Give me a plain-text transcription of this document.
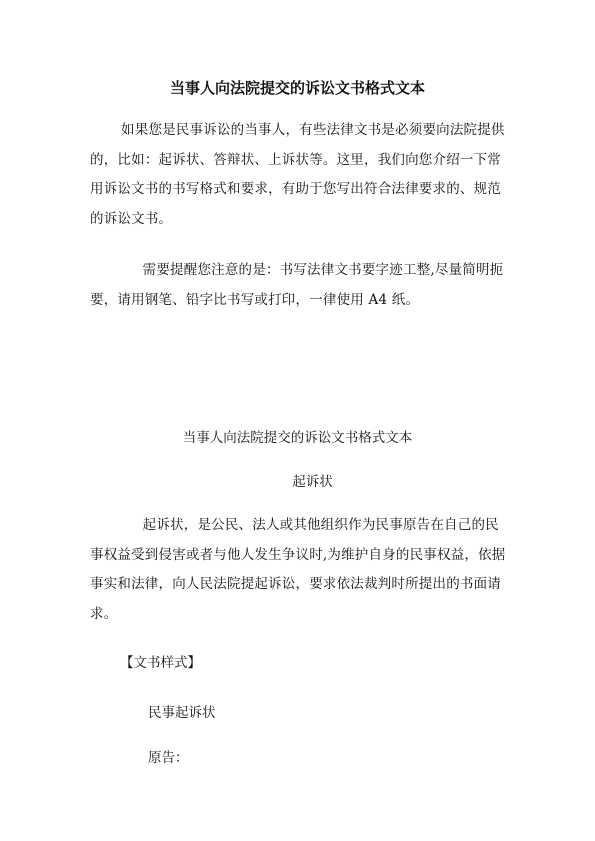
当事人向法院提交的诉讼文书格式文本

如果您是民事诉讼的当事人，有些法律文书是必须要向法院提供的，比如：起诉状、答辩状、上诉状等。这里，我们向您介绍一下常用诉讼文书的书写格式和要求，有助于您写出符合法律要求的、规范的诉讼文书。

需要提醒您注意的是：书写法律文书要字迹工整,尽量简明扼要，请用钢笔、铅字比书写或打印，一律使用 A4 纸。

当事人向法院提交的诉讼文书格式文本

起诉状

起诉状，是公民、法人或其他组织作为民事原告在自己的民事权益受到侵害或者与他人发生争议时,为维护自身的民事权益，依据事实和法律，向人民法院提起诉讼，要求依法裁判时所提出的书面请求。

【文书样式】

民事起诉状

原告：
